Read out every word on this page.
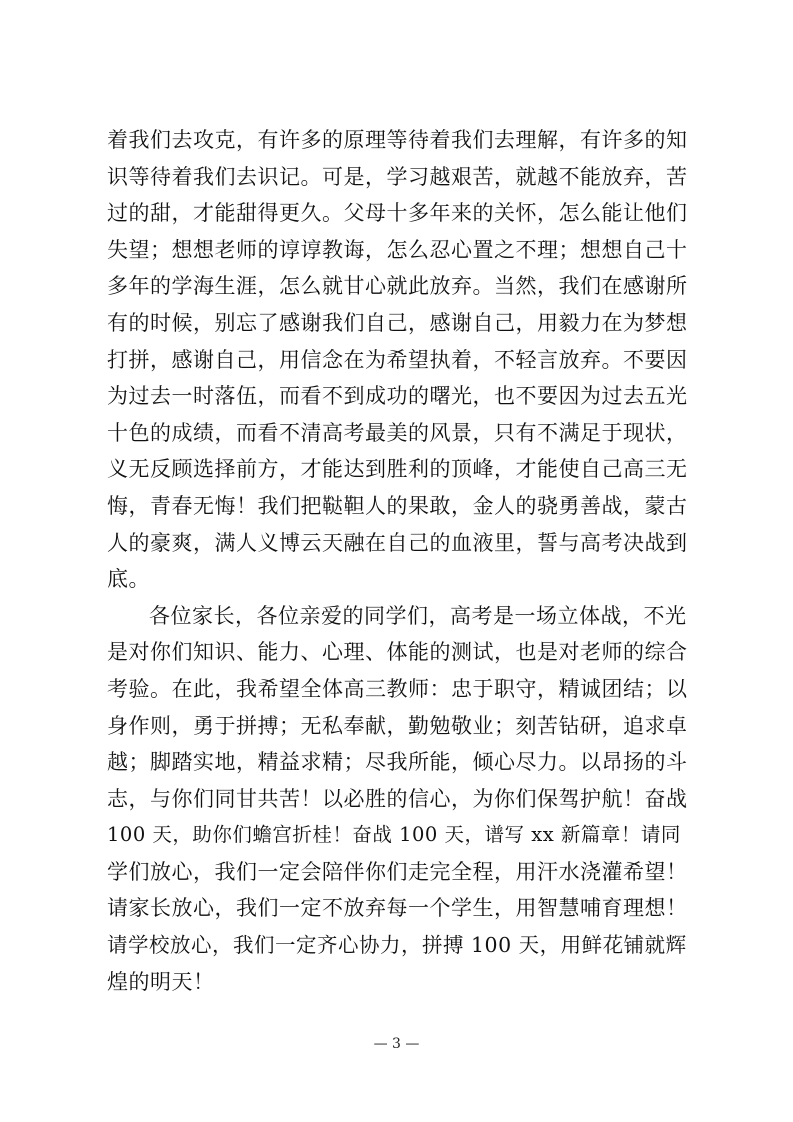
着我们去攻克，有许多的原理等待着我们去理解，有许多的知
识等待着我们去识记。可是，学习越艰苦，就越不能放弃，苦
过的甜，才能甜得更久。父母十多年来的关怀，怎么能让他们
失望；想想老师的谆谆教诲，怎么忍心置之不理；想想自己十
多年的学海生涯，怎么就甘心就此放弃。当然，我们在感谢所
有的时候，别忘了感谢我们自己，感谢自己，用毅力在为梦想
打拼，感谢自己，用信念在为希望执着，不轻言放弃。不要因
为过去一时落伍，而看不到成功的曙光，也不要因为过去五光
十色的成绩，而看不清高考最美的风景，只有不满足于现状，
义无反顾选择前方，才能达到胜利的顶峰，才能使自己高三无
悔，青春无悔！我们把鞑靼人的果敢，金人的骁勇善战，蒙古
人的豪爽，满人义博云天融在自己的血液里，誓与高考决战到
底。
各位家长，各位亲爱的同学们，高考是一场立体战，不光
是对你们知识、能力、心理、体能的测试，也是对老师的综合
考验。在此，我希望全体高三教师：忠于职守，精诚团结；以
身作则，勇于拼搏；无私奉献，勤勉敬业；刻苦钻研，追求卓
越；脚踏实地，精益求精；尽我所能，倾心尽力。以昂扬的斗
志，与你们同甘共苦！以必胜的信心，为你们保驾护航！奋战
100 天，助你们蟾宫折桂！奋战 100 天，谱写 xx 新篇章！请同
学们放心，我们一定会陪伴你们走完全程，用汗水浇灌希望！
请家长放心，我们一定不放弃每一个学生，用智慧哺育理想！
请学校放心，我们一定齐心协力，拼搏 100 天，用鲜花铺就辉
煌的明天！
— 3 —
